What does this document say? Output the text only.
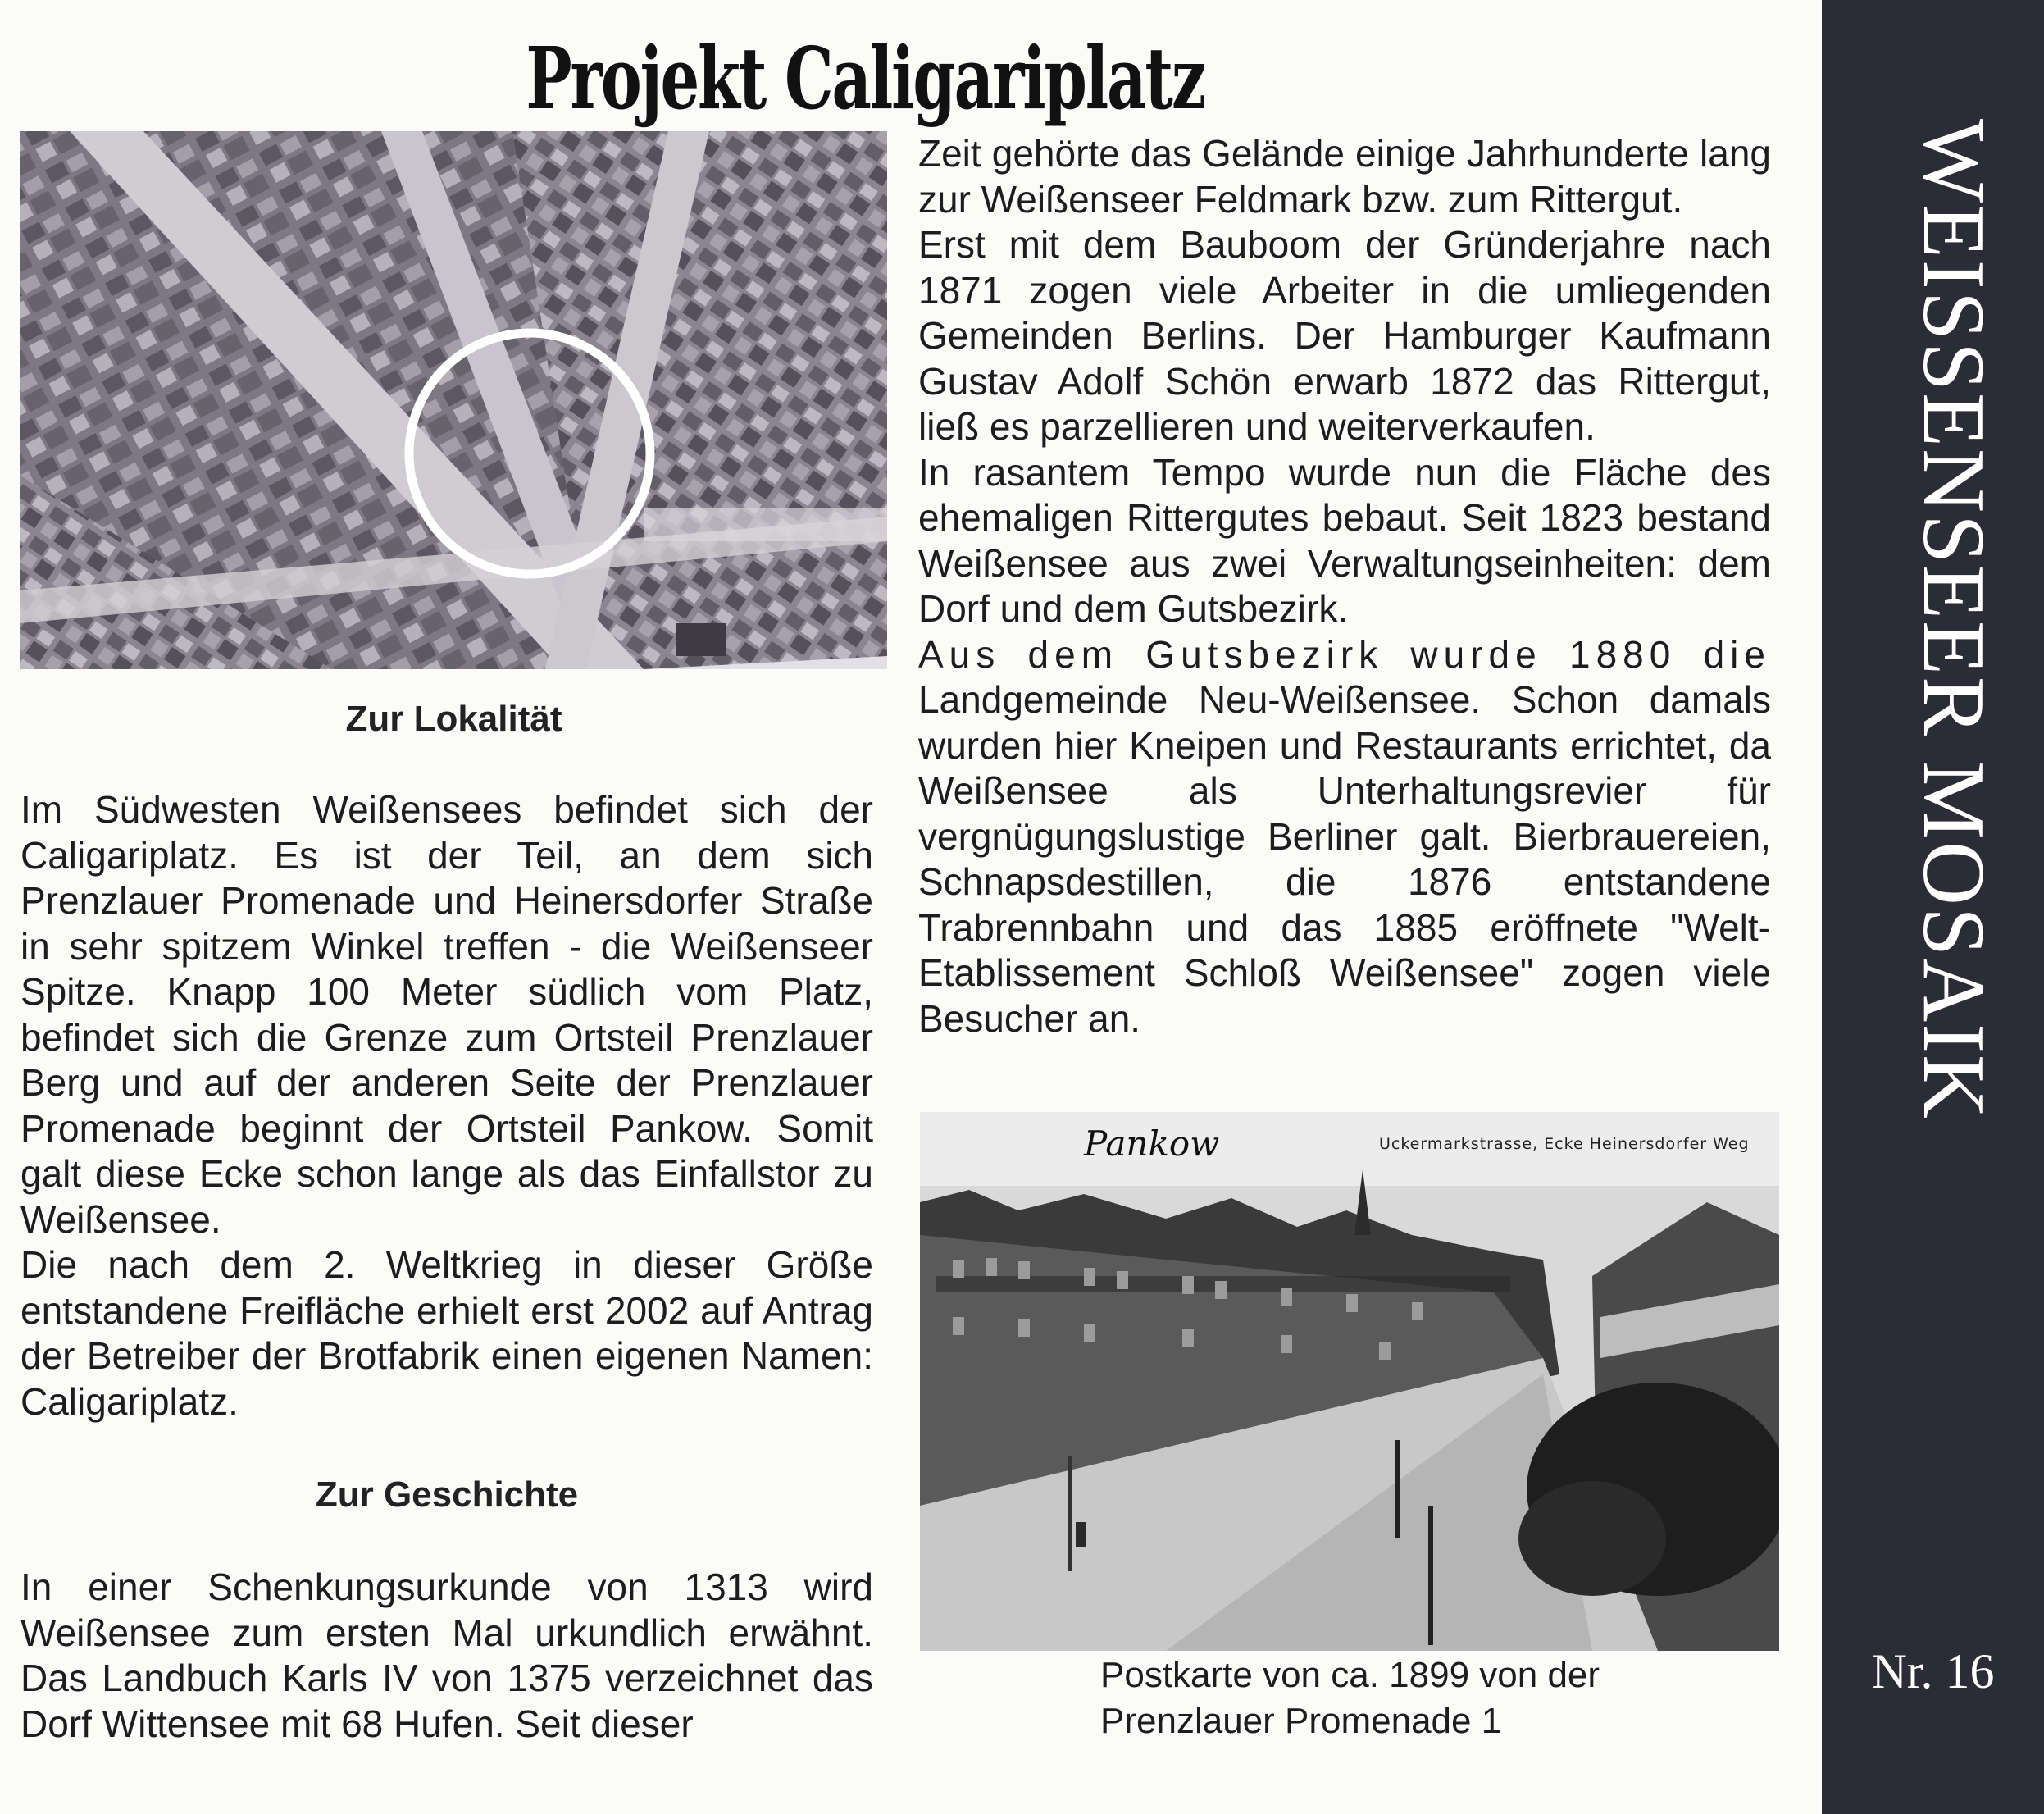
Projekt Caligariplatz
Zur Lokalität

Im Südwesten Weißensees befindet sich der Caligariplatz. Es ist der Teil, an dem sich Prenzlauer Promenade und Heinersdorfer Straße in sehr spitzem Winkel treffen - die Weißenseer Spitze. Knapp 100 Meter südlich vom Platz, befindet sich die Grenze zum Ortsteil Prenzlauer Berg und auf der anderen Seite der Prenzlauer Promenade beginnt der Ortsteil Pankow. Somit galt diese Ecke schon lange als das Einfallstor zu Weißensee.

Die nach dem 2. Weltkrieg in dieser Größe entstandene Freifläche erhielt erst 2002 auf Antrag der Betreiber der Brotfabrik einen eigenen Namen: Caligariplatz.

Zur Geschichte

In einer Schenkungsurkunde von 1313 wird Weißensee zum ersten Mal urkundlich erwähnt. Das Landbuch Karls IV von 1375 verzeichnet das Dorf Wittensee mit 68 Hufen. Seit dieser

Zeit gehörte das Gelände einige Jahrhunderte lang zur Weißenseer Feldmark bzw. zum Rittergut.

Erst mit dem Bauboom der Gründerjahre nach 1871 zogen viele Arbeiter in die umliegenden Gemeinden Berlins. Der Hamburger Kaufmann Gustav Adolf Schön erwarb 1872 das Rittergut, ließ es parzellieren und weiterverkaufen.

In rasantem Tempo wurde nun die Fläche des ehemaligen Rittergutes bebaut. Seit 1823 bestand Weißensee aus zwei Verwaltungseinheiten: dem Dorf und dem Gutsbezirk.

Aus dem Gutsbezirk wurde 1880 die

Landgemeinde Neu-Weißensee. Schon damals wurden hier Kneipen und Restaurants errichtet, da Weißensee als Unterhaltungsrevier für vergnügungslustige Berliner galt. Bierbrauereien, Schnapsdestillen, die 1876 entstandene Trabrennbahn und das 1885 eröffnete "Welt-Etablissement Schloß Weißensee" zogen viele Besucher an.

Pankow	Uckermarkstrasse, Ecke Heinersdorfer Weg
Postkarte von ca. 1899 von der Prenzlauer Promenade 1
WEISSENSEER MOSAIK
Nr. 16
